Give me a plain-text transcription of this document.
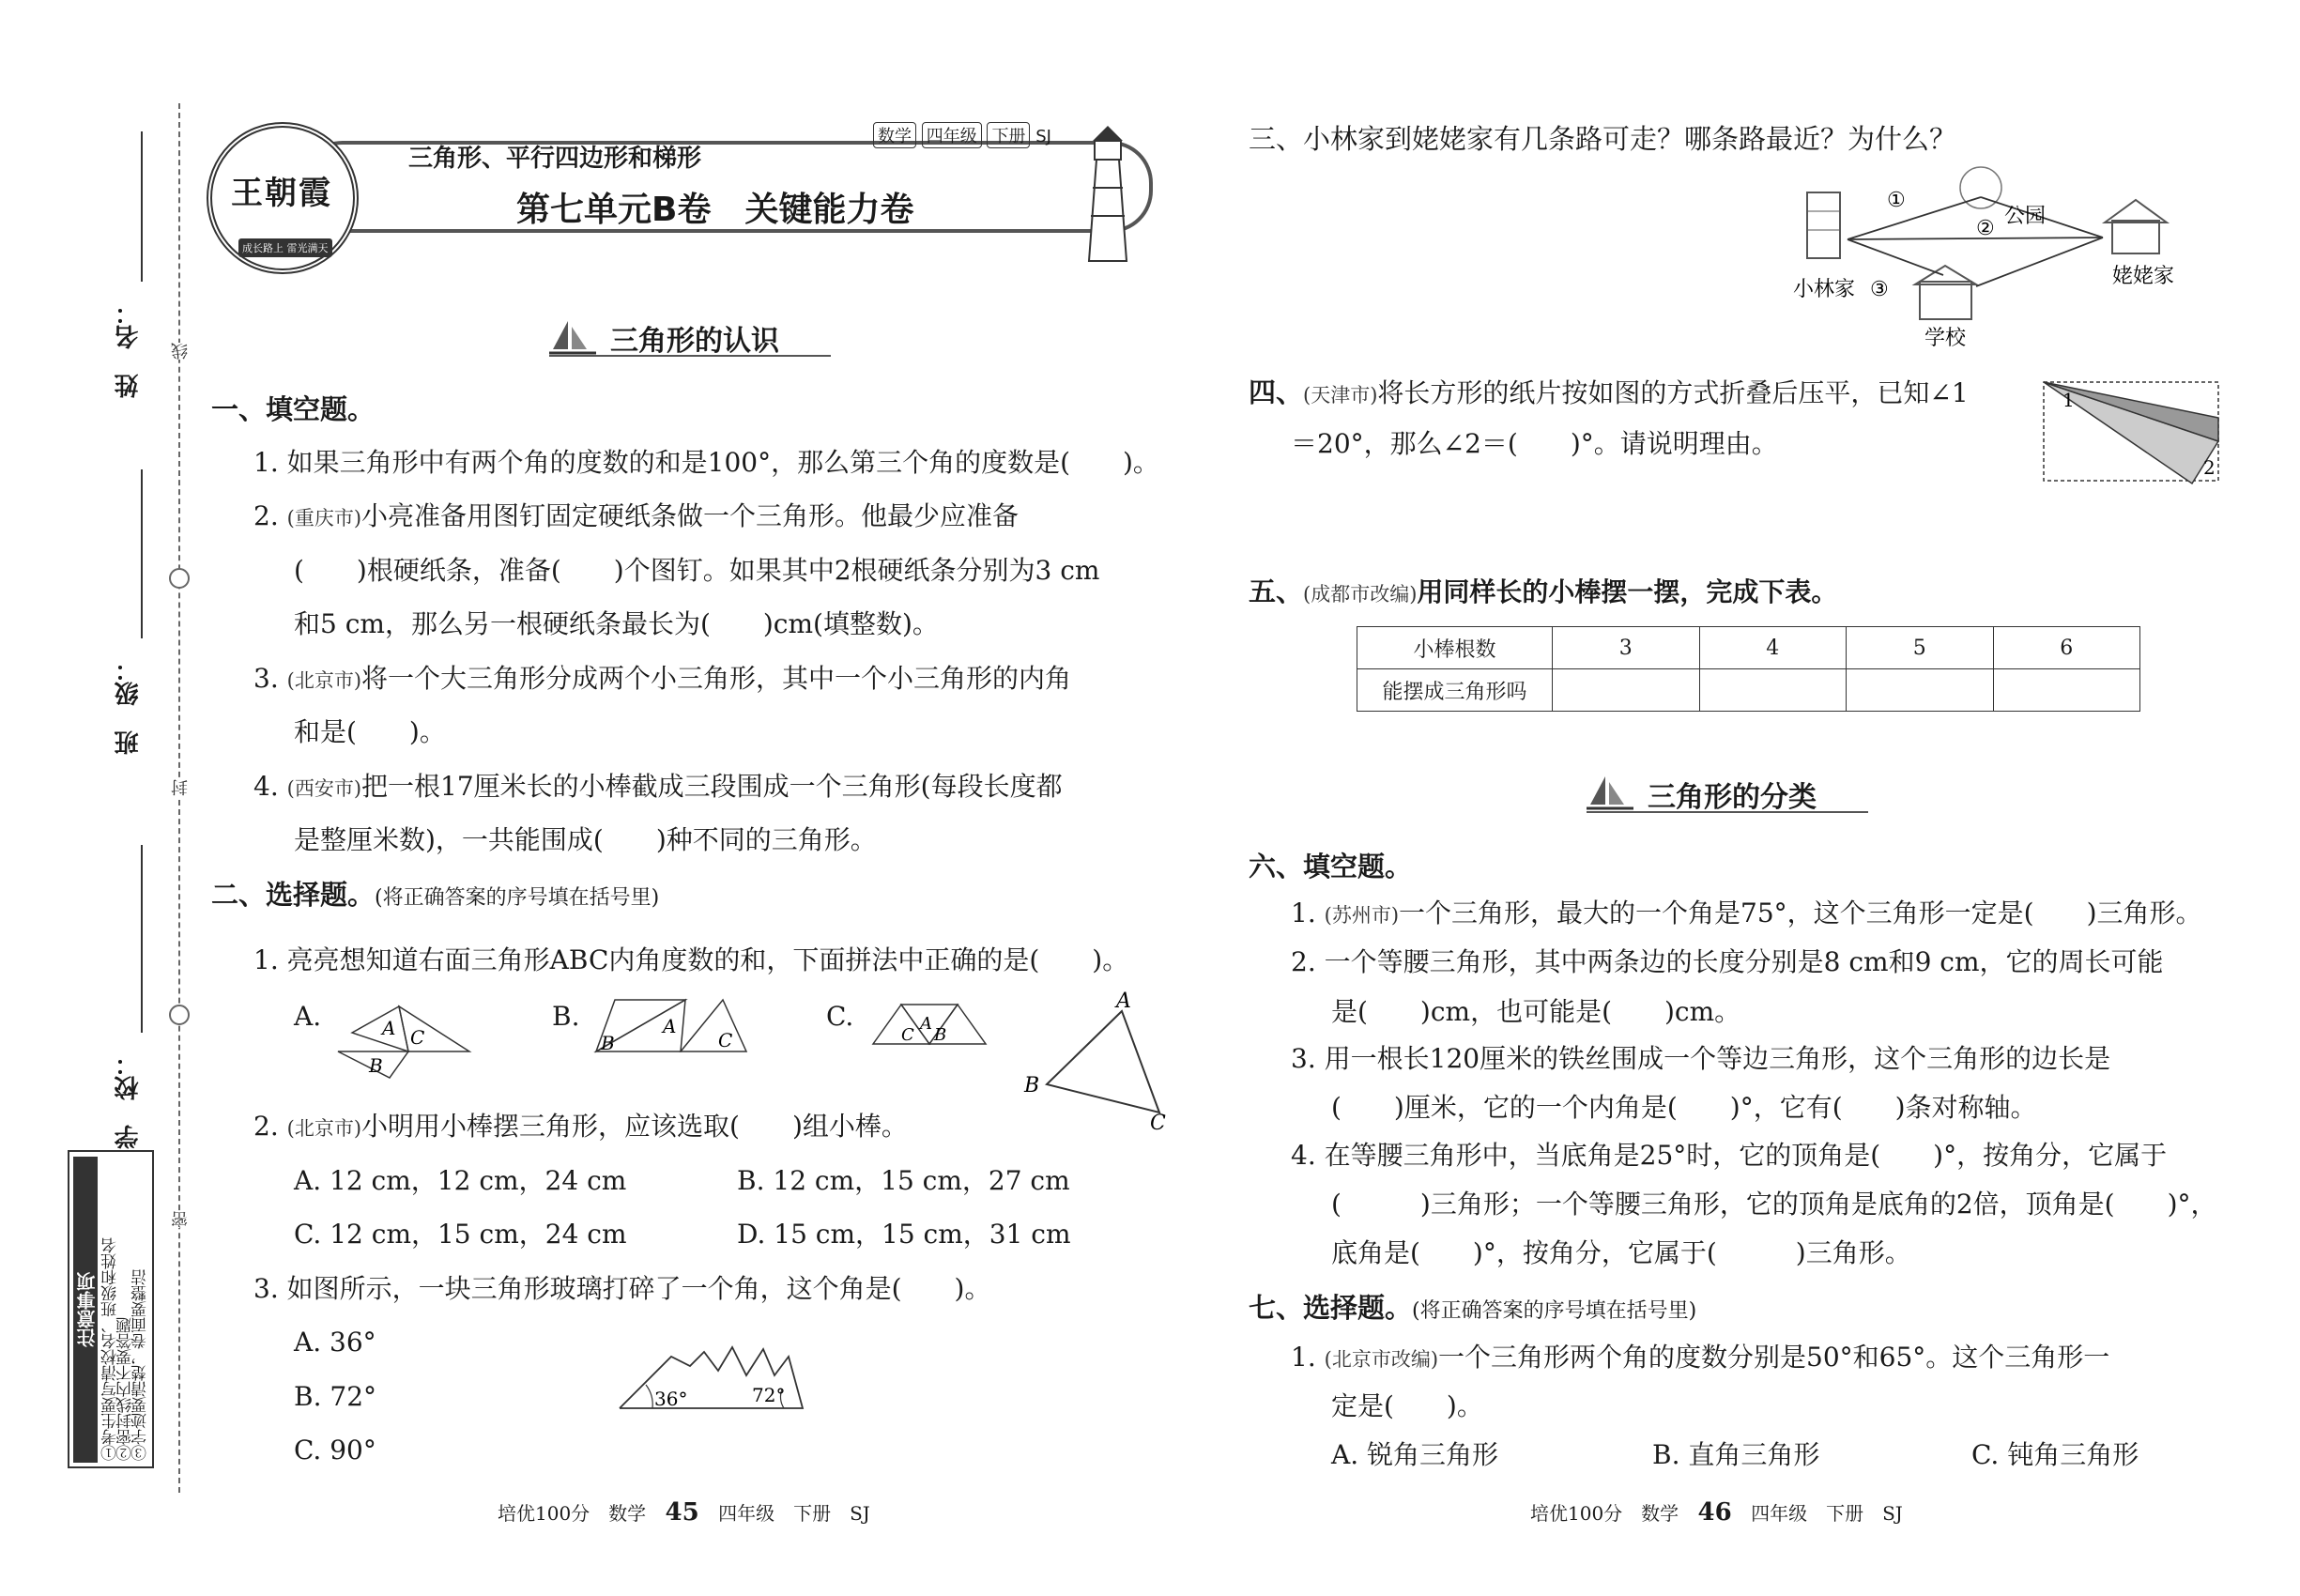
姓　名：
班　级：
学　校：
线
封
密
注意事项 ①考生要写清校名、班级和姓名
②密封线内不要答题
③字迹要清楚，卷面要整洁
王朝霞
成长路上 雷光满天
三角形、平行四边形和梯形
数学 四年级 下册 SJ
第七单元B卷　关键能力卷
三角形的认识
一、填空题。
1. 如果三角形中有两个角的度数的和是100°，那么第三个角的度数是(　　)。
2. (重庆市)小亮准备用图钉固定硬纸条做一个三角形。他最少应准备
(　　)根硬纸条，准备(　　)个图钉。如果其中2根硬纸条分别为3 cm
和5 cm，那么另一根硬纸条最长为(　　)cm(填整数)。
3. (北京市)将一个大三角形分成两个小三角形，其中一个小三角形的内角
和是(　　)。
4. (西安市)把一根17厘米长的小棒截成三段围成一个三角形(每段长度都
是整厘米数)，一共能围成(　　)种不同的三角形。
二、选择题。(将正确答案的序号填在括号里)
1. 亮亮想知道右面三角形ABC内角度数的和，下面拼法中正确的是(　　)。
A.	A C
B
B.
B
A
C
C.
C
A
B
A
B
C
2. (北京市)小明用小棒摆三角形，应该选取(　　)组小棒。
A. 12 cm，12 cm，24 cm	B. 12 cm，15 cm，27 cm
C. 12 cm，15 cm，24 cm	D. 15 cm，15 cm，31 cm
3. 如图所示，一块三角形玻璃打碎了一个角，这个角是(　　)。
A. 36°
B. 72°
C. 90°
36°	72°
培优100分　数学 45 四年级　下册　SJ
三、小林家到姥姥家有几条路可走？哪条路最近？为什么？
①
②
公园
小林家 ③
学校
姥姥家
四、(天津市)将长方形的纸片按如图的方式折叠后压平，已知∠1
＝20°，那么∠2＝(　　)°。请说明理由。
1
2
五、(成都市改编)用同样长的小棒摆一摆，完成下表。
小棒根数	3	4	5	6
能摆成三角形吗				
三角形的分类
六、填空题。
1. (苏州市)一个三角形，最大的一个角是75°，这个三角形一定是(　　)三角形。
2. 一个等腰三角形，其中两条边的长度分别是8 cm和9 cm，它的周长可能
是(　　)cm，也可能是(　　)cm。
3. 用一根长120厘米的铁丝围成一个等边三角形，这个三角形的边长是
(　　)厘米，它的一个内角是(　　)°，它有(　　)条对称轴。
4. 在等腰三角形中，当底角是25°时，它的顶角是(　　)°，按角分，它属于
(　　　)三角形；一个等腰三角形，它的顶角是底角的2倍，顶角是(　　)°，
底角是(　　)°，按角分，它属于(　　　)三角形。
七、选择题。(将正确答案的序号填在括号里)
1. (北京市改编)一个三角形两个角的度数分别是50°和65°。这个三角形一
定是(　　)。
A. 锐角三角形	B. 直角三角形	C. 钝角三角形
培优100分　数学 46 四年级　下册　SJ
